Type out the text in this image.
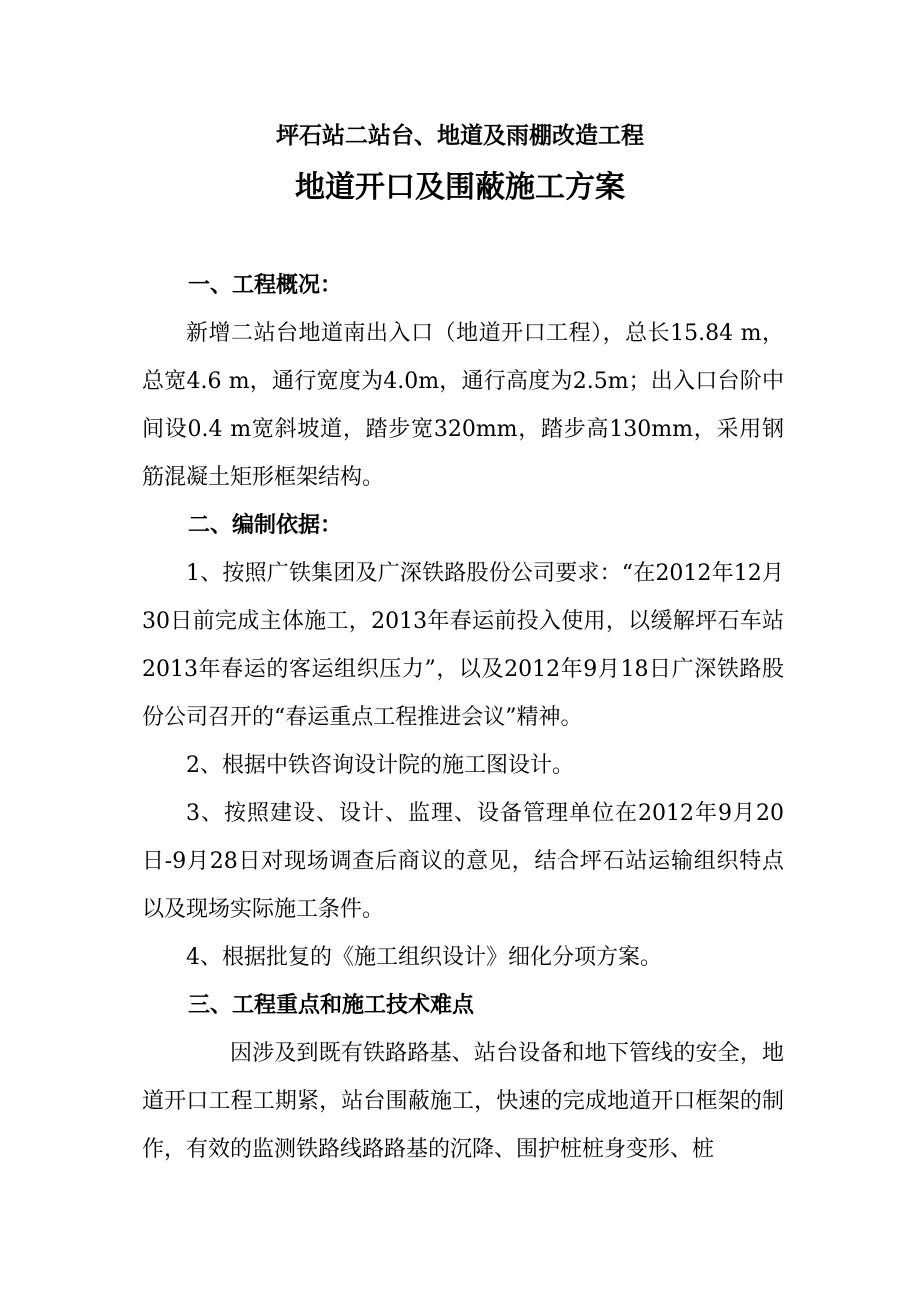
坪石站二站台、地道及雨棚改造工程
地道开口及围蔽施工方案

一、工程概况：

新增二站台地道南出入口（地道开口工程），总长15.84 m，总宽4.6 m，通行宽度为4.0m，通行高度为2.5m；出入口台阶中间设0.4 m宽斜坡道，踏步宽320mm，踏步高130mm，采用钢筋混凝土矩形框架结构。

二、编制依据：

1、按照广铁集团及广深铁路股份公司要求：“在2012年12月30日前完成主体施工，2013年春运前投入使用，以缓解坪石车站2013年春运的客运组织压力”，以及2012年9月18日广深铁路股份公司召开的“春运重点工程推进会议”精神。

2、根据中铁咨询设计院的施工图设计。

3、按照建设、设计、监理、设备管理单位在2012年9月20日-9月28日对现场调查后商议的意见，结合坪石站运输组织特点以及现场实际施工条件。

4、根据批复的《施工组织设计》细化分项方案。

三、工程重点和施工技术难点

因涉及到既有铁路路基、站台设备和地下管线的安全，地道开口工程工期紧，站台围蔽施工，快速的完成地道开口框架的制作，有效的监测铁路线路路基的沉降、围护桩桩身变形、桩
